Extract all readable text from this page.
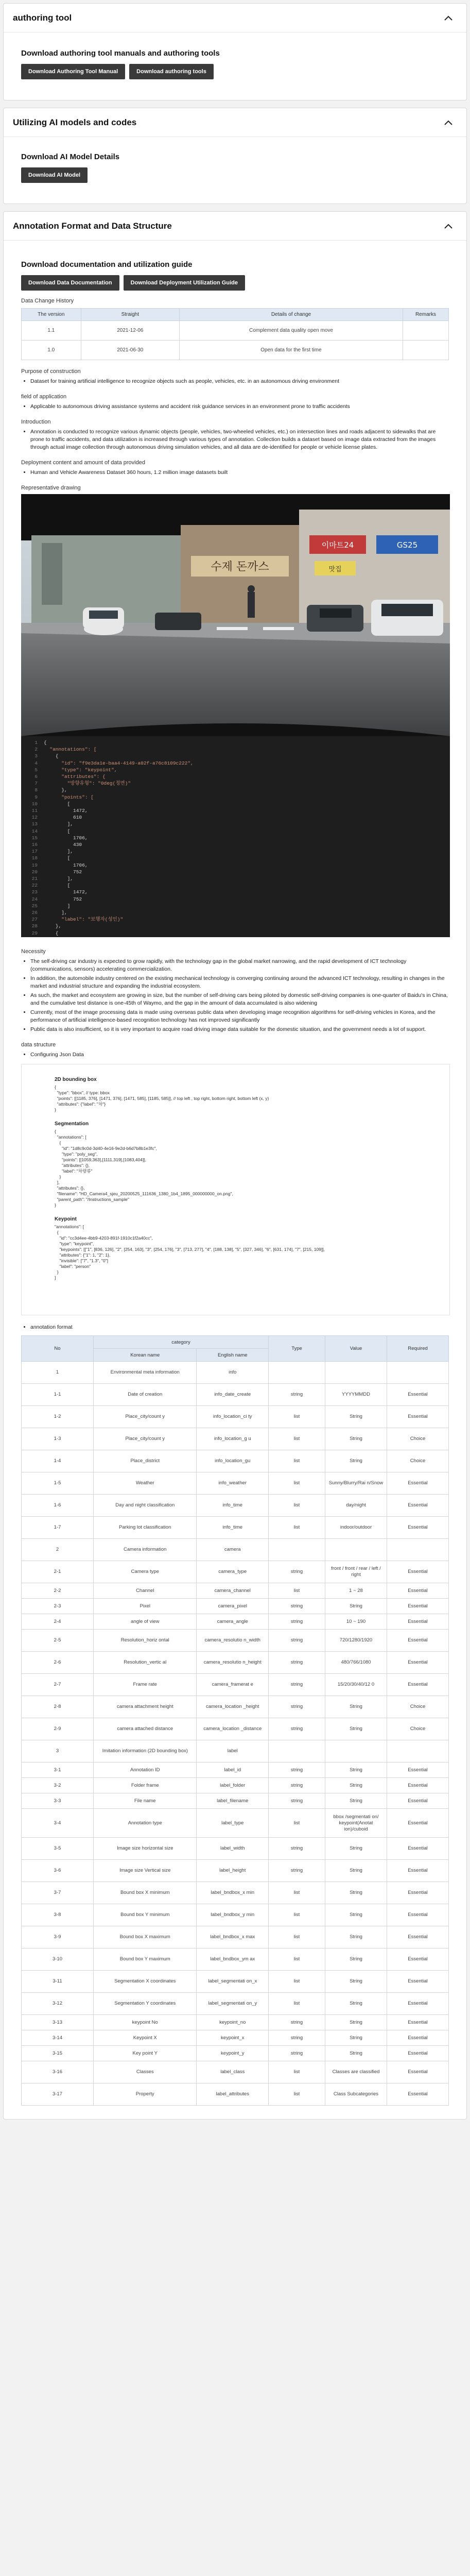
authoring tool
Download authoring tool manuals and authoring tools
Download Authoring Tool Manual	Download authoring tools
Utilizing AI models and codes
Download AI Model Details
Download AI Model
Annotation Format and Data Structure
Download documentation and utilization guide
Download Data Documentation	Download Deployment Utilization Guide
Data Change History
The version	Straight	Details of change	Remarks
1.1	2021-12-06	Complement data quality open move	
1.0	2021-06-30	Open data for the first time	
Purpose of construction
• Dataset for training artificial intelligence to recognize objects such as people, vehicles, etc. in an autonomous driving environment
field of application
• Applicable to autonomous driving assistance systems and accident risk guidance services in an environment prone to traffic accidents
Introduction
• Annotation is conducted to recognize various dynamic objects (people, vehicles, two-wheeled vehicles, etc.) on intersection lines and roads adjacent to sidewalks that are prone to traffic accidents, and data utilization is increased through various types of annotation. Collection builds a dataset based on image data extracted from the images through actual image collection through autonomous driving simulation vehicles, and all data are de-identified for people or vehicle license plates.
Deployment content and amount of data provided
• Human and Vehicle Awareness Dataset 360 hours, 1.2 million image datasets built
Representative drawing
수제 돈까스
이마트24	GS25
맛집
1 {
2  "annotations": [
3    {
4      "id": "f9e3da1e-baa4-4149-a02f-a76c8109c222",
5      "type": "keypoint",
6      "attributes": {
7        "방향유형": "0deg(정면)"
8      },
9      "points": [
10        [
11          1472,
12          610
13        ],
14        [
15          1706,
16          430
17        ],
18        [
19          1706,
20          752
21        ],
22        [
23          1472,
24          752
25        ]
26      ],
27      "label": "보행자(성인)"
28    },
29    {
Necessity
• The self-driving car industry is expected to grow rapidly, with the technology gap in the global market narrowing, and the rapid development of ICT technology (communications, sensors) accelerating commercialization.
• In addition, the automobile industry centered on the existing mechanical technology is converging continuing around the advanced ICT technology, resulting in changes in the market and industrial structure and expanding the industrial ecosystem.
• As such, the market and ecosystem are growing in size, but the number of self-driving cars being piloted by domestic self-driving companies is one-quarter of Baidu's in China, and the cumulative test distance is one-45th of Waymo, and the gap in the amount of data accumulated is also widening
• Currently, most of the image processing data is made using overseas public data when developing image recognition algorithms for self-driving vehicles in Korea, and the performance of artificial intelligence-based recognition technology has not improved significantly
• Public data is also insufficient, so it is very important to acquire road driving image data suitable for the domestic situation, and the government needs a lot of support.
data structure
• Configuring Json Data
2D bounding box
{
"type": "bbox", // type: bbox
"points": [[1185, 376], [1471, 376], [1471, 585], [1185, 585]], // top left , top right, bottom right, bottom left (x, y)
"attributes": {"label": "차"}
}
Segmentation
{
"annotations": [
{
"id": "1d8c9c0d-3d40-4e16-9e2d-b6d7b8b1e3fc",
"type": "poly_seg",
"points": [[1059,363],[1111,319],[1083,404]],
"attributes": {},
"label": "차량류"
}
],
"attributes": {},
"filename": "HD_Camera4_sjeu_20200525_111636_1380_1b4_1895_000000000_on.png",
"parent_path": "/Instructions_sample"
}
Keypoint
"annotations": [
{
"id": "cc3d4ee-4bb9-4203-891f-1910c1f2a40cc",
"type": "keypoint",
"keypoints": [["1", [836, 126], "2", [254, 163], "3", [254, 176], "3", [713, 277], "4", [188, 138], "5", [327, 346], "6", [631, 174], "7", [215, 109]],
"attributes": {"1": 1, "2": 1},
"invisible": ["7", "1.3", "0"]
"label": "person"
}
]
• annotation format
No	category		Type	Value	Required
	Korean name	English name			
1	Environmental meta information	info			
1-1	Date of creation	info_date_create	string	YYYYMMDD	Essential
1-2	Place_city/count y	info_location_ci ty	list	String	Essential
1-3	Place_city/count y	info_location_g u	list	String	Choice
1-4	Place_district	info_location_gu	list	String	Choice
1-5	Weather	info_weather	list	Sunny/Blurry/Rai n/Snow	Essential
1-6	Day and night classification	info_time	list	day/night	Essential
1-7	Parking lot classification	info_time	list	indoor/outdoor	Essential
2	Camera information	camera			
2-1	Camera type	camera_type	string	front / front / rear / left / right	Essential
2-2	Channel	camera_channel	list	1 ~ 28	Essential
2-3	Pixel	camera_pixel	string	String	Essential
2-4	angle of view	camera_angle	string	10 ~ 190	Essential
2-5	Resolution_horiz ontal	camera_resolutio n_width	string	720/1280/1920	Essential
2-6	Resolution_vertic al	camera_resolutio n_height	string	480/766/1080	Essential
2-7	Frame rate	camera_framerat e	string	15/20/30/40/12 0	Essential
2-8	camera attachment height	camera_location _height	string	String	Choice
2-9	camera attached distance	camera_location _distance	string	String	Choice
3	Imitation information (2D bounding box)	label			
3-1	Annotation ID	label_id	string	String	Essential
3-2	Folder frame	label_folder	string	String	Essential
3-3	File name	label_filename	string	String	Essential
3-4	Annotation type	label_type	list	bbox /segmentati on/ keypoint(Anotat ion)/cuboid	Essential
3-5	Image size horizontal size	label_width	string	String	Essential
3-6	Image size Vertical size	label_height	string	String	Essential
3-7	Bound box X minimum	label_bndbox_x min	list	String	Essential
3-8	Bound box Y minimum	label_bndbox_y min	list	String	Essential
3-9	Bound box X maximum	label_bndbox_x max	list	String	Essential
3-10	Bound box Y maximum	label_bndbox_ym ax	list	String	Essential
3-11	Segmentation X coordinates	label_segmentati on_x	list	String	Essential
3-12	Segmentation Y coordinates	label_segmentati on_y	list	String	Essential
3-13	keypoint No	keypoint_no	string	String	Essential
3-14	Keypoint X	keypoint_x	string	String	Essential
3-15	Key point Y	keypoint_y	string	String	Essential
3-16	Classes	label_class	list	Classes are classified	Essential
3-17	Property	label_attributes	list	Class Subcategories	Essential
